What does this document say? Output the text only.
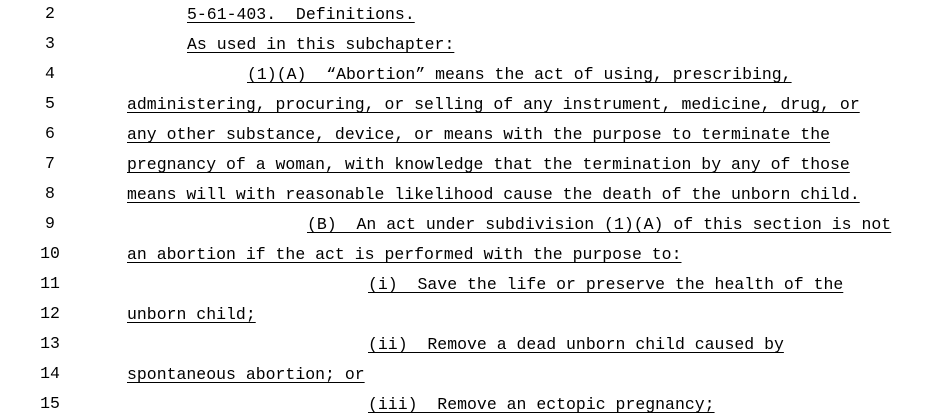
2	5-61-403.  Definitions.
3	As used in this subchapter:
4	(1)(A)  “Abortion” means the act of using, prescribing,
5	administering, procuring, or selling of any instrument, medicine, drug, or
6	any other substance, device, or means with the purpose to terminate the
7	pregnancy of a woman, with knowledge that the termination by any of those
8	means will with reasonable likelihood cause the death of the unborn child.
9	(B)  An act under subdivision (1)(A) of this section is not
10	an abortion if the act is performed with the purpose to:
11	(i)  Save the life or preserve the health of the
12	unborn child;
13	(ii)  Remove a dead unborn child caused by
14	spontaneous abortion; or
15	(iii)  Remove an ectopic pregnancy;
